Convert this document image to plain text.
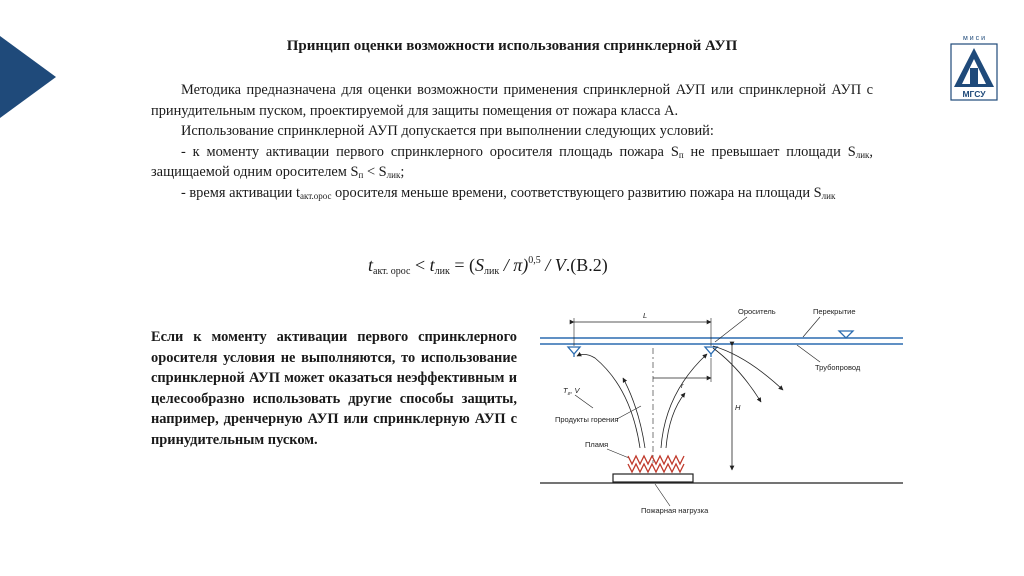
м и с и
МГСУ
Принцип оценки возможности использования спринклерной АУП

Методика предназначена для оценки возможности применения спринклерной АУП или спринклерной АУП с принудительным пуском, проектируемой для защиты помещения от пожара класса А.

Использование спринклерной АУП допускается при выполнении следующих условий:

- к моменту активации первого спринклерного оросителя площадь пожара $S_п$ не превышает площади $S_{лик}$, защищаемой одним оросителем $S_п < S_{лик}$;

- время активации $t_{акт.орос}$ оросителя меньше времени, соответствующего развитию пожара на площади $S_{лик}$

$t_{акт. орос} < t_{лик} = (S_{лик} / \pi)^{0,5} / V.(В.2)$

Если к моменту активации первого спринклерного оросителя условия не выполняются, то использование спринклерной АУП может оказаться неэффективным и целесообразно использовать другие способы защиты, например, дренчерную АУП или спринклерную АУП с принудительным пуском.

L	Ороситель	Перекрытие
Трубопровод
H
r
$Т_г$, V
Продукты горения
Пламя
Пожарная нагрузка
